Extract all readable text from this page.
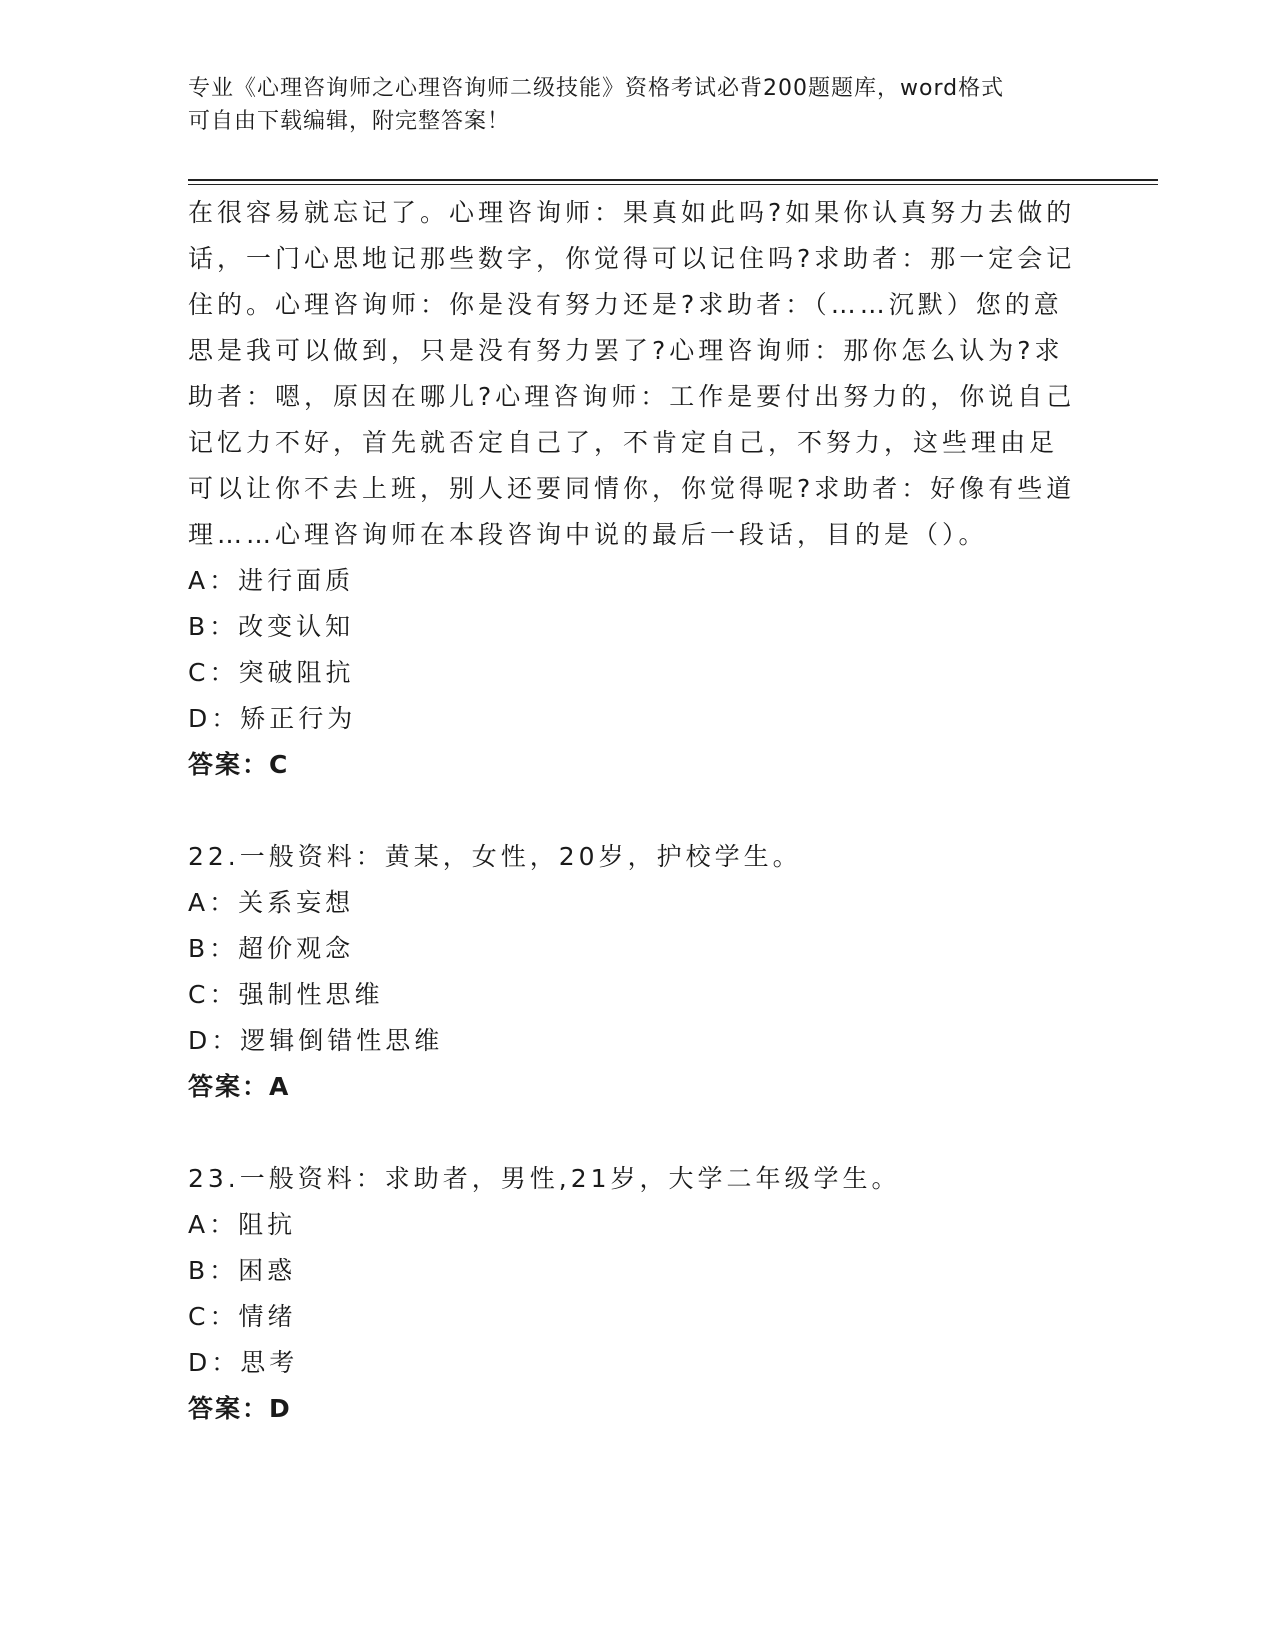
专业《心理咨询师之心理咨询师二级技能》资格考试必背200题题库，word格式
可自由下载编辑，附完整答案！

在很容易就忘记了。心理咨询师：果真如此吗?如果你认真努力去做的

话，一门心思地记那些数字，你觉得可以记住吗?求助者：那一定会记

住的。心理咨询师：你是没有努力还是?求助者：（……沉默）您的意

思是我可以做到，只是没有努力罢了?心理咨询师：那你怎么认为?求

助者：嗯，原因在哪儿?心理咨询师：工作是要付出努力的，你说自己

记忆力不好，首先就否定自己了，不肯定自己，不努力，这些理由足

可以让你不去上班，别人还要同情你，你觉得呢?求助者：好像有些道

理……心理咨询师在本段咨询中说的最后一段话，目的是（）。

A：进行面质

B：改变认知

C：突破阻抗

D：矫正行为

答案：C

22.一般资料：黄某，女性，20岁，护校学生。

A：关系妄想

B：超价观念

C：强制性思维

D：逻辑倒错性思维

答案：A

23.一般资料：求助者，男性,21岁，大学二年级学生。

A：阻抗

B：困惑

C：情绪

D：思考

答案：D
